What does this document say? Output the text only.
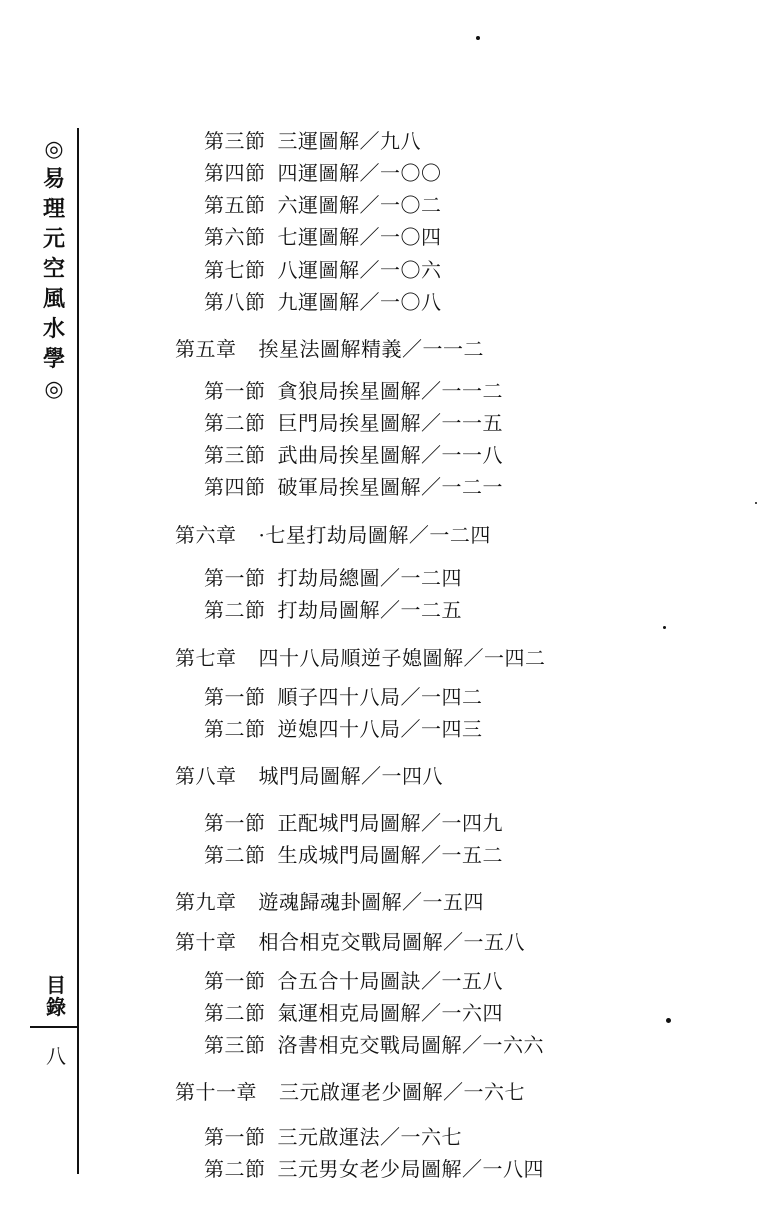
◎
易
理
元
空
風
水
學
◎
目
錄
八
第三節 三運圖解／九八
第四節 四運圖解／一〇〇
第五節 六運圖解／一〇二
第六節 七運圖解／一〇四
第七節 八運圖解／一〇六
第八節 九運圖解／一〇八
第五章 挨星法圖解精義／一一二
第一節 貪狼局挨星圖解／一一二
第二節 巨門局挨星圖解／一一五
第三節 武曲局挨星圖解／一一八
第四節 破軍局挨星圖解／一二一
第六章 ·七星打劫局圖解／一二四
第一節 打劫局總圖／一二四
第二節 打劫局圖解／一二五
第七章 四十八局順逆子媳圖解／一四二
第一節 順子四十八局／一四二
第二節 逆媳四十八局／一四三
第八章 城門局圖解／一四八
第一節 正配城門局圖解／一四九
第二節 生成城門局圖解／一五二
第九章 遊魂歸魂卦圖解／一五四
第十章 相合相克交戰局圖解／一五八
第一節 合五合十局圖訣／一五八
第二節 氣運相克局圖解／一六四
第三節 洛書相克交戰局圖解／一六六
第十一章 三元啟運老少圖解／一六七
第一節 三元啟運法／一六七
第二節 三元男女老少局圖解／一八四
